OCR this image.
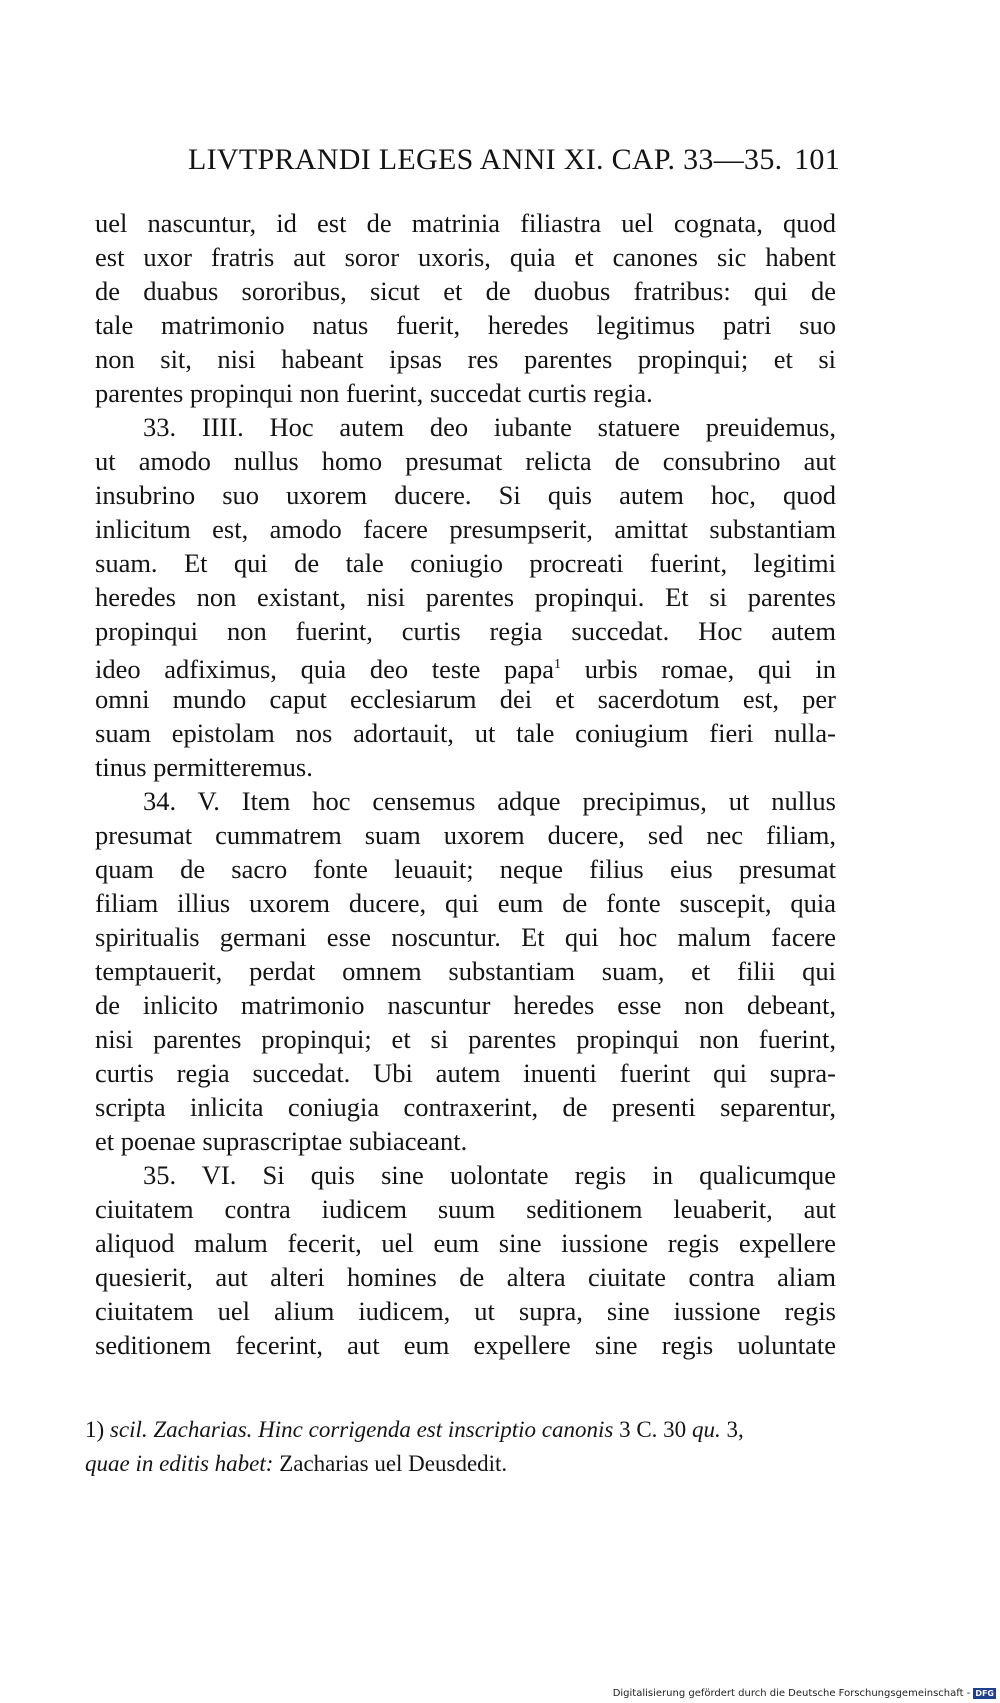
LIVTPRANDI LEGES ANNI XI. CAP. 33—35. 101
uel nascuntur, id est de matrinia filiastra uel cognata, quod
est uxor fratris aut soror uxoris, quia et canones sic habent
de duabus sororibus, sicut et de duobus fratribus: qui de
tale matrimonio natus fuerit, heredes legitimus patri suo
non sit, nisi habeant ipsas res parentes propinqui; et si
parentes propinqui non fuerint, succedat curtis regia.
33. IIII. Hoc autem deo iubante statuere preuidemus,
ut amodo nullus homo presumat relicta de consubrino aut
insubrino suo uxorem ducere. Si quis autem hoc, quod
inlicitum est, amodo facere presumpserit, amittat substantiam
suam. Et qui de tale coniugio procreati fuerint, legitimi
heredes non existant, nisi parentes propinqui. Et si parentes
propinqui non fuerint, curtis regia succedat. Hoc autem
ideo adfiximus, quia deo teste papa$^1$ urbis romae, qui in
omni mundo caput ecclesiarum dei et sacerdotum est, per
suam epistolam nos adortauit, ut tale coniugium fieri nulla-
tinus permitteremus.
34. V. Item hoc censemus adque precipimus, ut nullus
presumat cummatrem suam uxorem ducere, sed nec filiam,
quam de sacro fonte leuauit; neque filius eius presumat
filiam illius uxorem ducere, qui eum de fonte suscepit, quia
spiritualis germani esse noscuntur. Et qui hoc malum facere
temptauerit, perdat omnem substantiam suam, et filii qui
de inlicito matrimonio nascuntur heredes esse non debeant,
nisi parentes propinqui; et si parentes propinqui non fuerint,
curtis regia succedat. Ubi autem inuenti fuerint qui supra-
scripta inlicita coniugia contraxerint, de presenti separentur,
et poenae suprascriptae subiaceant.
35. VI. Si quis sine uolontate regis in qualicumque
ciuitatem contra iudicem suum seditionem leuaberit, aut
aliquod malum fecerit, uel eum sine iussione regis expellere
quesierit, aut alteri homines de altera ciuitate contra aliam
ciuitatem uel alium iudicem, ut supra, sine iussione regis
seditionem fecerint, aut eum expellere sine regis uoluntate
1) scil. Zacharias. Hinc corrigenda est inscriptio canonis 3 C. 30 qu. 3,
quae in editis habet: Zacharias uel Deusdedit.
Digitalisierung gefördert durch die Deutsche Forschungsgemeinschaft - DFG
